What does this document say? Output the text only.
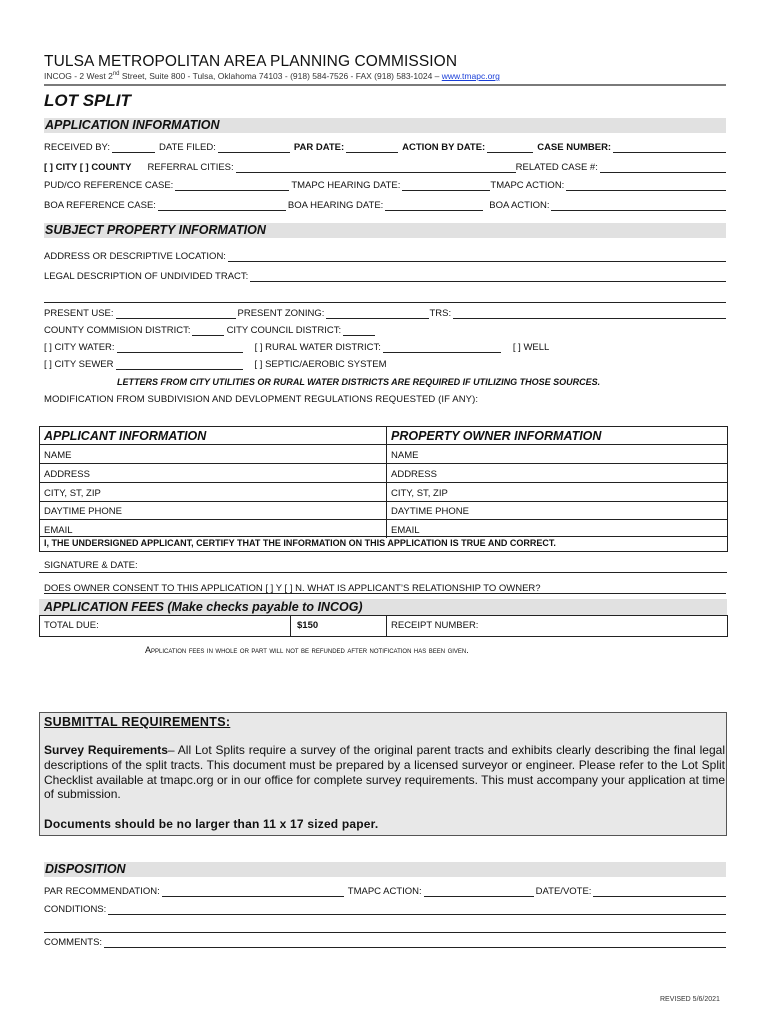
TULSA METROPOLITAN AREA PLANNING COMMISSION
INCOG - 2 West 2nd Street, Suite 800 - Tulsa, Oklahoma 74103 - (918) 584-7526 - FAX (918) 583-1024 – www.tmapc.org
LOT SPLIT
APPLICATION INFORMATION
RECEIVED BY:	DATE FILED:	PAR DATE:	ACTION BY DATE:	CASE NUMBER:
[ ] CITY [ ] COUNTY REFERRAL CITIES:	RELATED CASE #:
PUD/CO REFERENCE CASE:	TMAPC HEARING DATE:	TMAPC ACTION:
BOA REFERENCE CASE:	BOA HEARING DATE:	BOA ACTION:
SUBJECT PROPERTY INFORMATION
ADDRESS OR DESCRIPTIVE LOCATION:
LEGAL DESCRIPTION OF UNDIVIDED TRACT:
PRESENT USE:	PRESENT ZONING:	TRS:
COUNTY COMMISION DISTRICT:	CITY COUNCIL DISTRICT:
[ ] CITY WATER:	[ ] RURAL WATER DISTRICT:	[ ] WELL
[ ] CITY SEWER	[ ] SEPTIC/AEROBIC SYSTEM
LETTERS FROM CITY UTILITIES OR RURAL WATER DISTRICTS ARE REQUIRED IF UTILIZING THOSE SOURCES.
MODIFICATION FROM SUBDIVISION AND DEVLOPMENT REGULATIONS REQUESTED (IF ANY):
APPLICANT INFORMATION	PROPERTY OWNER INFORMATION
NAME	NAME
ADDRESS	ADDRESS
CITY, ST, ZIP	CITY, ST, ZIP
DAYTIME PHONE	DAYTIME PHONE
EMAIL	EMAIL
I, THE UNDERSIGNED APPLICANT, CERTIFY THAT THE INFORMATION ON THIS APPLICATION IS TRUE AND CORRECT.
SIGNATURE & DATE:
DOES OWNER CONSENT TO THIS APPLICATION [ ] Y [ ] N. WHAT IS APPLICANT’S RELATIONSHIP TO OWNER?
APPLICATION FEES (Make checks payable to INCOG)
TOTAL DUE:	$150	RECEIPT NUMBER:
Application fees in whole or part will not be refunded after notification has been given.
SUBMITTAL REQUIREMENTS:
Survey Requirements– All Lot Splits require a survey of the original parent tracts and exhibits clearly describing the final legal descriptions of the split tracts. This document must be prepared by a licensed surveyor or engineer. Please refer to the Lot Split Checklist available at tmapc.org or in our office for complete survey requirements. This must accompany your application at time of submission.
Documents should be no larger than 11 x 17 sized paper.
DISPOSITION
PAR RECOMMENDATION:	TMAPC ACTION:	DATE/VOTE:
CONDITIONS:
COMMENTS:
REVISED 5/6/2021
